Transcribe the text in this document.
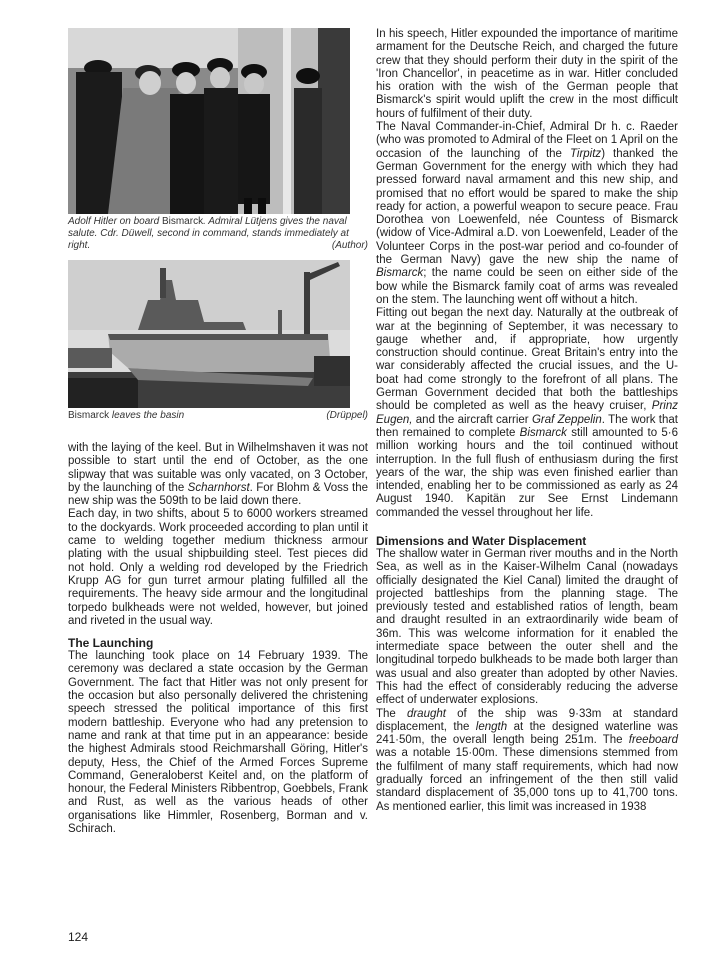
Adolf Hitler on board Bismarck. Admiral Lütjens gives the naval salute. Cdr. Düwell, second in command, stands immediately at right.	(Author)
Bismarck leaves the basin	(Drüppel)

with the laying of the keel. But in Wilhelmshaven it was not possible to start until the end of October, as the one slipway that was suitable was only vacated, on 3 October, by the launching of the Scharnhorst. For Blohm & Voss the new ship was the 509th to be laid down there.

Each day, in two shifts, about 5 to 6000 workers streamed to the dockyards. Work proceeded according to plan until it came to welding together medium thickness armour plating with the usual shipbuilding steel. Test pieces did not hold. Only a welding rod developed by the Friedrich Krupp AG for gun turret armour plating fulfilled all the requirements. The heavy side armour and the longitudinal torpedo bulkheads were not welded, however, but joined and riveted in the usual way.

The Launching

The launching took place on 14 February 1939. The ceremony was declared a state occasion by the German Government. The fact that Hitler was not only present for the occasion but also personally delivered the christening speech stressed the political importance of this first modern battleship. Everyone who had any pretension to name and rank at that time put in an appearance: beside the highest Admirals stood Reichmarshall Göring, Hitler's deputy, Hess, the Chief of the Armed Forces Supreme Command, Generaloberst Keitel and, on the platform of honour, the Federal Ministers Ribbentrop, Goebbels, Frank and Rust, as well as the various heads of other organisations like Himmler, Rosenberg, Borman and v. Schirach.

In his speech, Hitler expounded the importance of maritime armament for the Deutsche Reich, and charged the future crew that they should perform their duty in the spirit of the 'Iron Chancellor', in peacetime as in war. Hitler concluded his oration with the wish of the German people that Bismarck's spirit would uplift the crew in the most difficult hours of fulfilment of their duty.

The Naval Commander-in-Chief, Admiral Dr h. c. Raeder (who was promoted to Admiral of the Fleet on 1 April on the occasion of the launching of the Tirpitz) thanked the German Government for the energy with which they had pressed forward naval armament and this new ship, and promised that no effort would be spared to make the ship ready for action, a powerful weapon to secure peace. Frau Dorothea von Loewenfeld, née Countess of Bismarck (widow of Vice-Admiral a.D. von Loewenfeld, Leader of the Volunteer Corps in the post-war period and co-founder of the German Navy) gave the new ship the name of Bismarck; the name could be seen on either side of the bow while the Bismarck family coat of arms was revealed on the stem. The launching went off without a hitch.

Fitting out began the next day. Naturally at the outbreak of war at the beginning of September, it was necessary to gauge whether and, if appropriate, how urgently construction should continue. Great Britain's entry into the war considerably affected the crucial issues, and the U-boat had come strongly to the forefront of all plans. The German Government decided that both the battleships should be completed as well as the heavy cruiser, Prinz Eugen, and the aircraft carrier Graf Zeppelin. The work that then remained to complete Bismarck still amounted to 5·6 million working hours and the toil continued without interruption. In the full flush of enthusiasm during the first years of the war, the ship was even finished earlier than intended, enabling her to be commissioned as early as 24 August 1940. Kapitän zur See Ernst Lindemann commanded the vessel throughout her life.

Dimensions and Water Displacement

The shallow water in German river mouths and in the North Sea, as well as in the Kaiser-Wilhelm Canal (nowadays officially designated the Kiel Canal) limited the draught of projected battleships from the planning stage. The previously tested and established ratios of length, beam and draught resulted in an extraordinarily wide beam of 36m. This was welcome information for it enabled the intermediate space between the outer shell and the longitudinal torpedo bulkheads to be made both larger than was usual and also greater than adopted by other Navies. This had the effect of considerably reducing the adverse effect of underwater explosions.

The draught of the ship was 9·33m at standard displacement, the length at the designed waterline was 241·50m, the overall length being 251m. The freeboard was a notable 15·00m. These dimensions stemmed from the fulfilment of many staff requirements, which had now gradually forced an infringement of the then still valid standard displacement of 35,000 tons up to 41,700 tons. As mentioned earlier, this limit was increased in 1938

124
